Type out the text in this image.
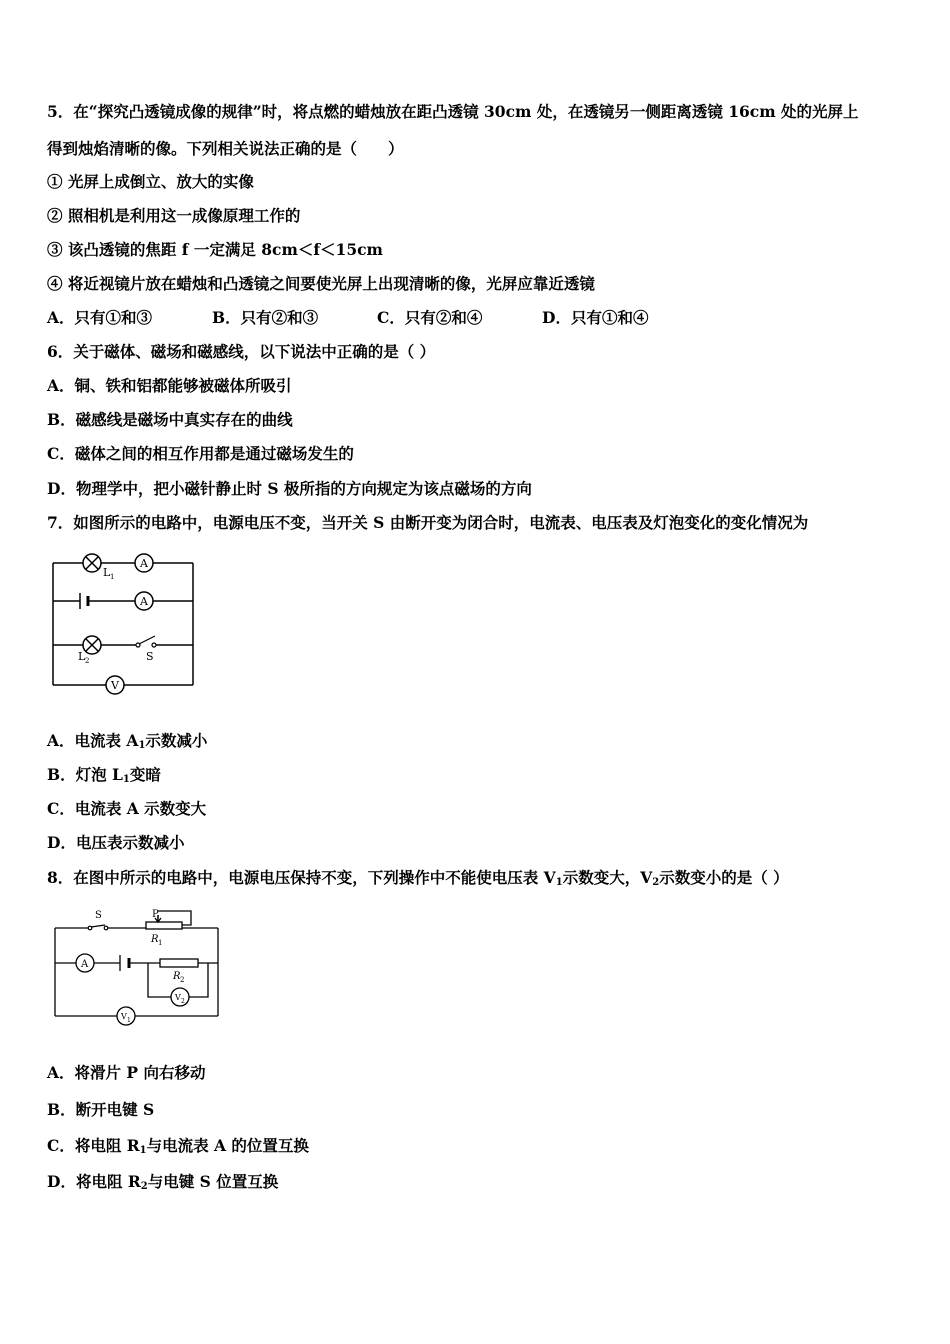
5．在“探究凸透镜成像的规律”时，将点燃的蜡烛放在距凸透镜 30cm 处，在透镜另一侧距离透镜 16cm 处的光屏上
得到烛焰清晰的像。下列相关说法正确的是（　　）
① 光屏上成倒立、放大的实像
② 照相机是利用这一成像原理工作的
③ 该凸透镜的焦距 f 一定满足 8cm＜f＜15cm
④ 将近视镜片放在蜡烛和凸透镜之间要使光屏上出现清晰的像，光屏应靠近透镜
A．只有①和③	B．只有②和③	C．只有②和④	D．只有①和④
6．关于磁体、磁场和磁感线，以下说法中正确的是（ ）
A．铜、铁和铝都能够被磁体所吸引
B．磁感线是磁场中真实存在的曲线
C．磁体之间的相互作用都是通过磁场发生的
D．物理学中，把小磁针静止时 S 极所指的方向规定为该点磁场的方向
7．如图所示的电路中，电源电压不变，当开关 S 由断开变为闭合时，电流表、电压表及灯泡变化的变化情况为
L 1
A
A
L 2	S
V
A．电流表 $A_1$示数减小
B．灯泡 $L_1$变暗
C．电流表 A 示数变大
D．电压表示数减小
8．在图中所示的电路中，电源电压保持不变，下列操作中不能使电压表 $V_1$示数变大，$V_2$示数变小的是（ ）
S	P
R 1
A
R 2
V 2
V 1
A．将滑片 P 向右移动
B．断开电键 S
C．将电阻 $R_1$与电流表 A 的位置互换
D．将电阻 $R_2$与电键 S 位置互换
